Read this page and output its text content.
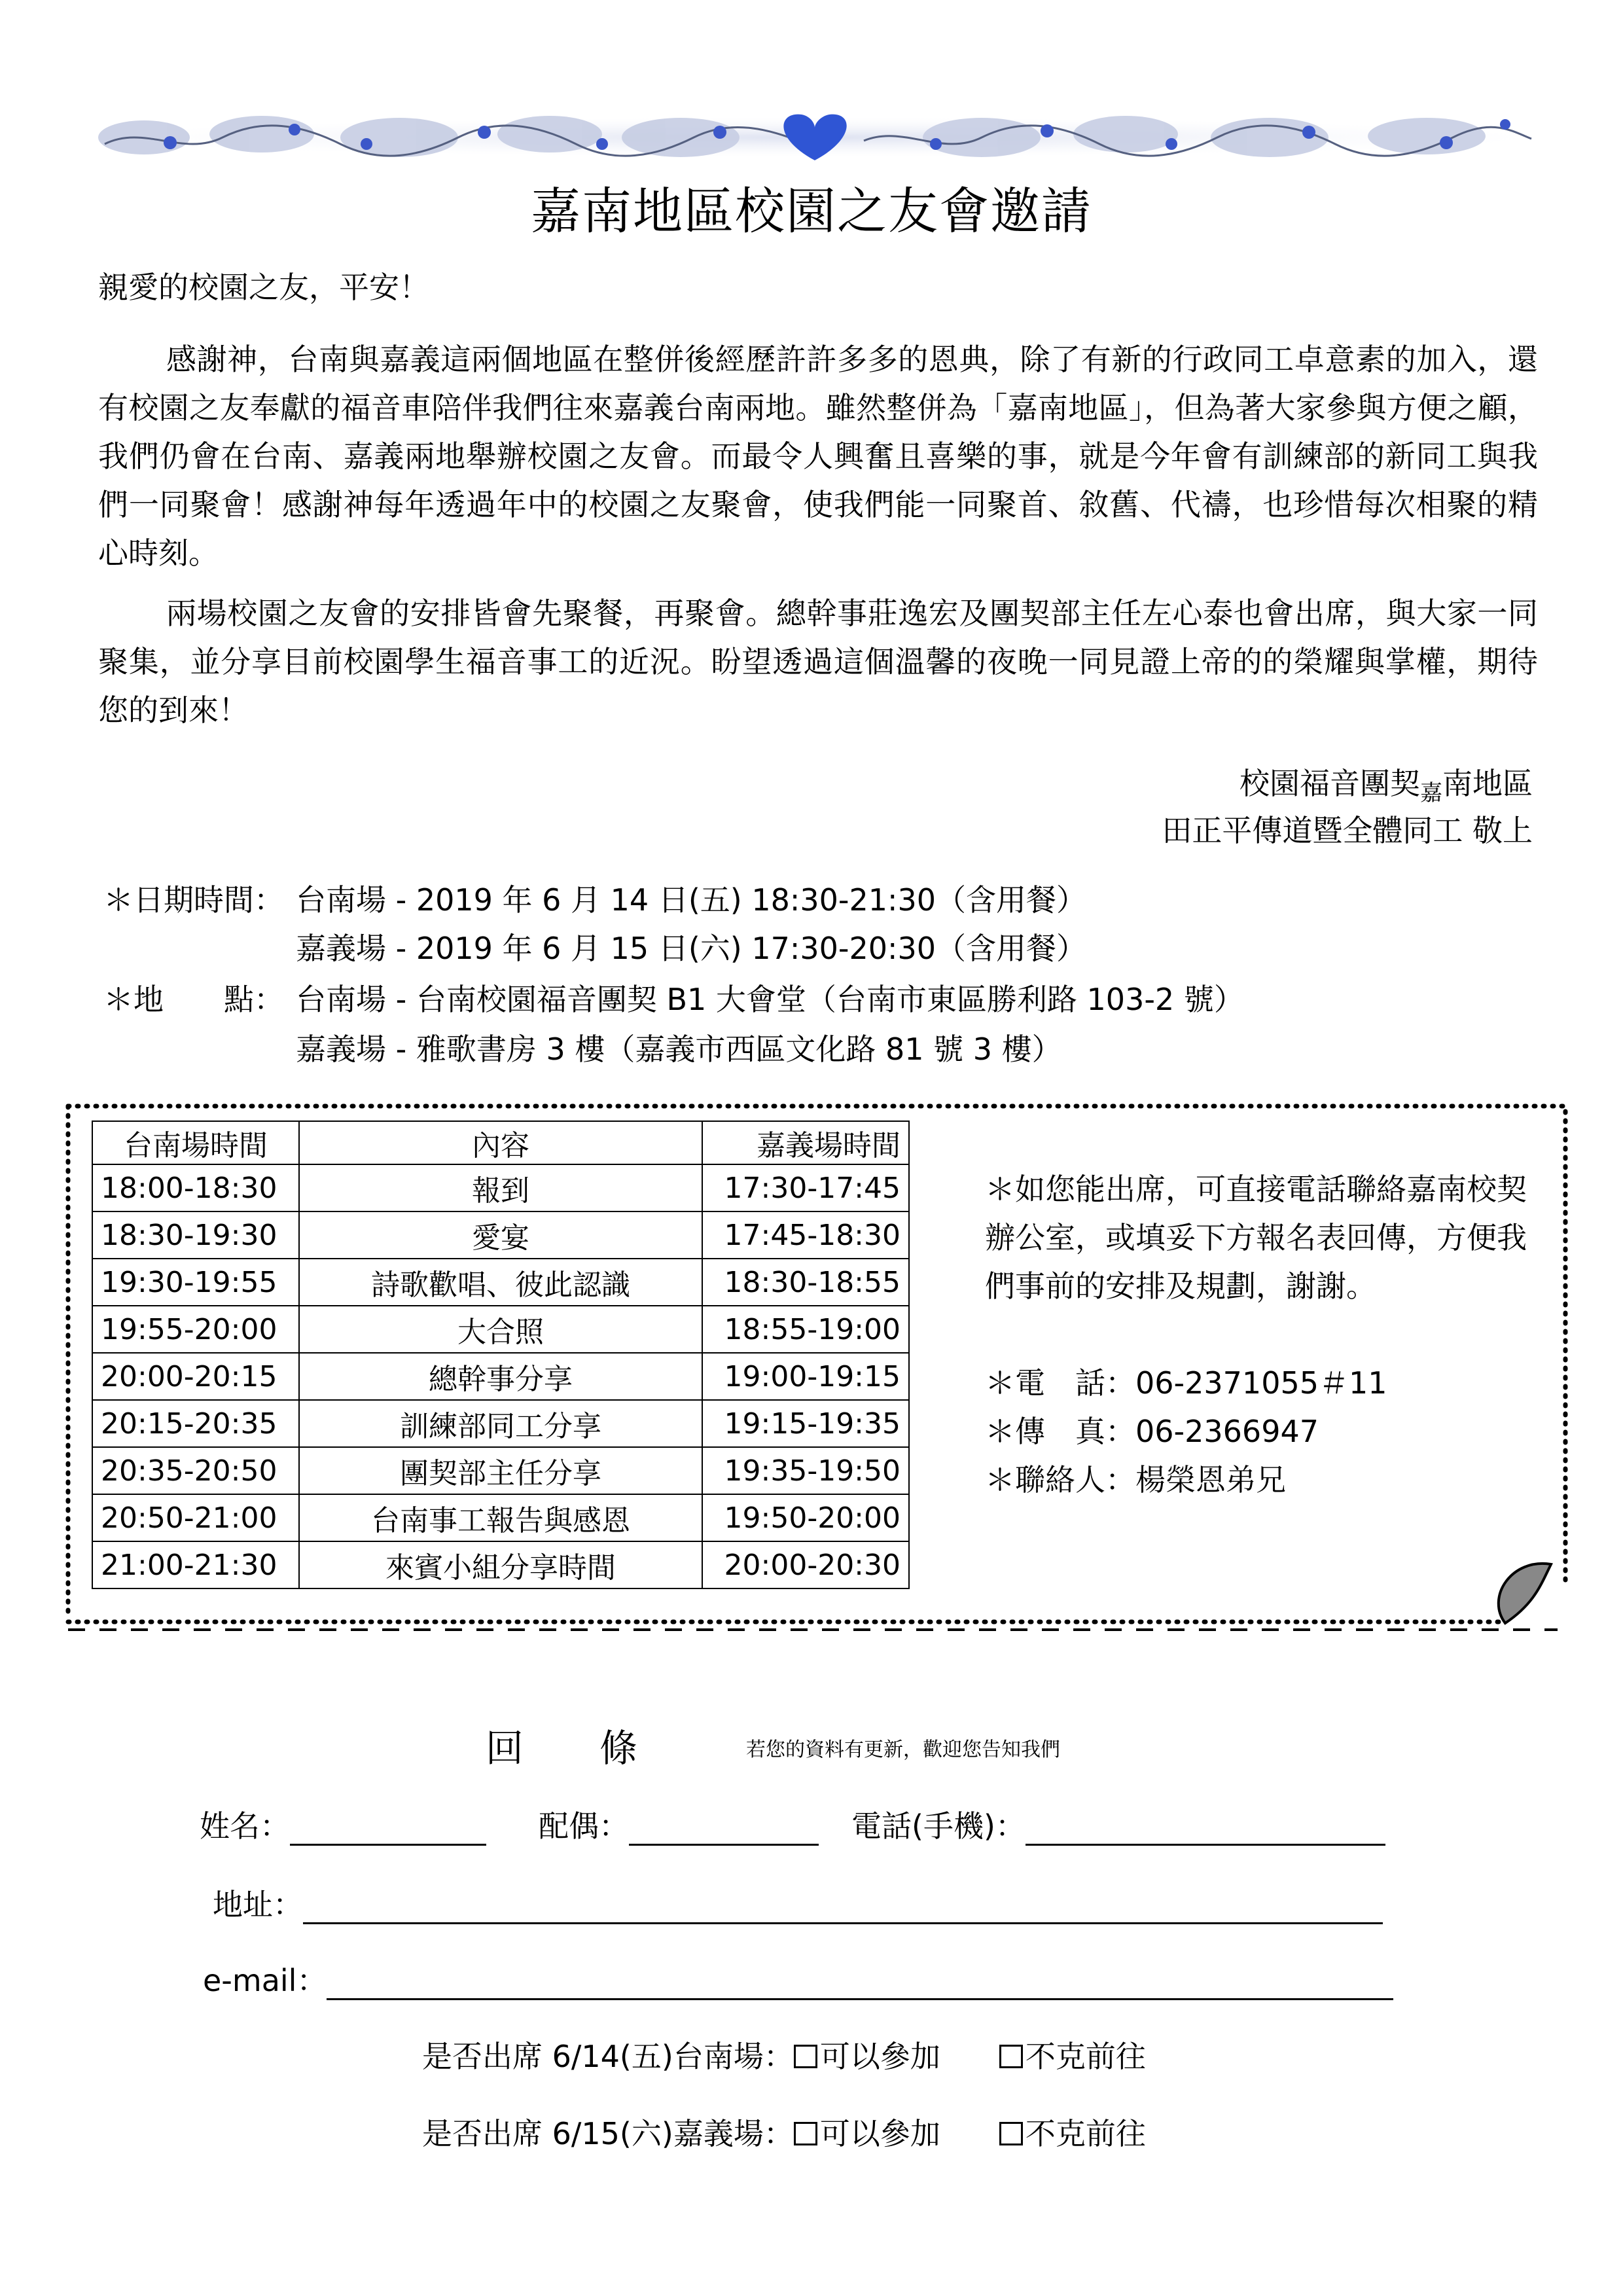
嘉南地區校園之友會邀請
親愛的校園之友，平安！
感謝神，台南與嘉義這兩個地區在整併後經歷許許多多的恩典，除了有新的行政同工卓意素的加入，還有校園之友奉獻的福音車陪伴我們往來嘉義台南兩地。雖然整併為「嘉南地區」，但為著大家參與方便之顧，我們仍會在台南、嘉義兩地舉辦校園之友會。而最令人興奮且喜樂的事，就是今年會有訓練部的新同工與我們一同聚會！感謝神每年透過年中的校園之友聚會，使我們能一同聚首、敘舊、代禱，也珍惜每次相聚的精心時刻。
兩場校園之友會的安排皆會先聚餐，再聚會。總幹事莊逸宏及團契部主任左心泰也會出席，與大家一同聚集，並分享目前校園學生福音事工的近況。盼望透過這個溫馨的夜晚一同見證上帝的的榮耀與掌權，期待您的到來！
校園福音團契$_嘉$南地區
田正平傳道暨全體同工 敬上
＊日期時間： 台南場 - 2019 年 6 月 14 日(五) 18:30-21:30（含用餐）
嘉義場 - 2019 年 6 月 15 日(六) 17:30-20:30（含用餐）
＊地　　點： 台南場 - 台南校園福音團契 B1 大會堂（台南市東區勝利路 103-2 號）
嘉義場 - 雅歌書房 3 樓（嘉義市西區文化路 81 號 3 樓）
台南場時間	內容	嘉義場時間
18:00-18:30	報到	17:30-17:45
18:30-19:30	愛宴	17:45-18:30
19:30-19:55	詩歌歡唱、彼此認識	18:30-18:55
19:55-20:00	大合照	18:55-19:00
20:00-20:15	總幹事分享	19:00-19:15
20:15-20:35	訓練部同工分享	19:15-19:35
20:35-20:50	團契部主任分享	19:35-19:50
20:50-21:00	台南事工報告與感恩	19:50-20:00
21:00-21:30	來賓小組分享時間	20:00-20:30
＊如您能出席，可直接電話聯絡嘉南校契辦公室，或填妥下方報名表回傳，方便我們事前的安排及規劃，謝謝。
＊電　話：06-2371055＃11
＊傳　真：06-2366947
＊聯絡人：楊榮恩弟兄
回　　條	若您的資料有更新，歡迎您告知我們
姓名：	配偶：	電話(手機)：
地址：
e-mail：
是否出席 6/14(五)台南場： 可以參加	不克前往
是否出席 6/15(六)嘉義場： 可以參加	不克前往
